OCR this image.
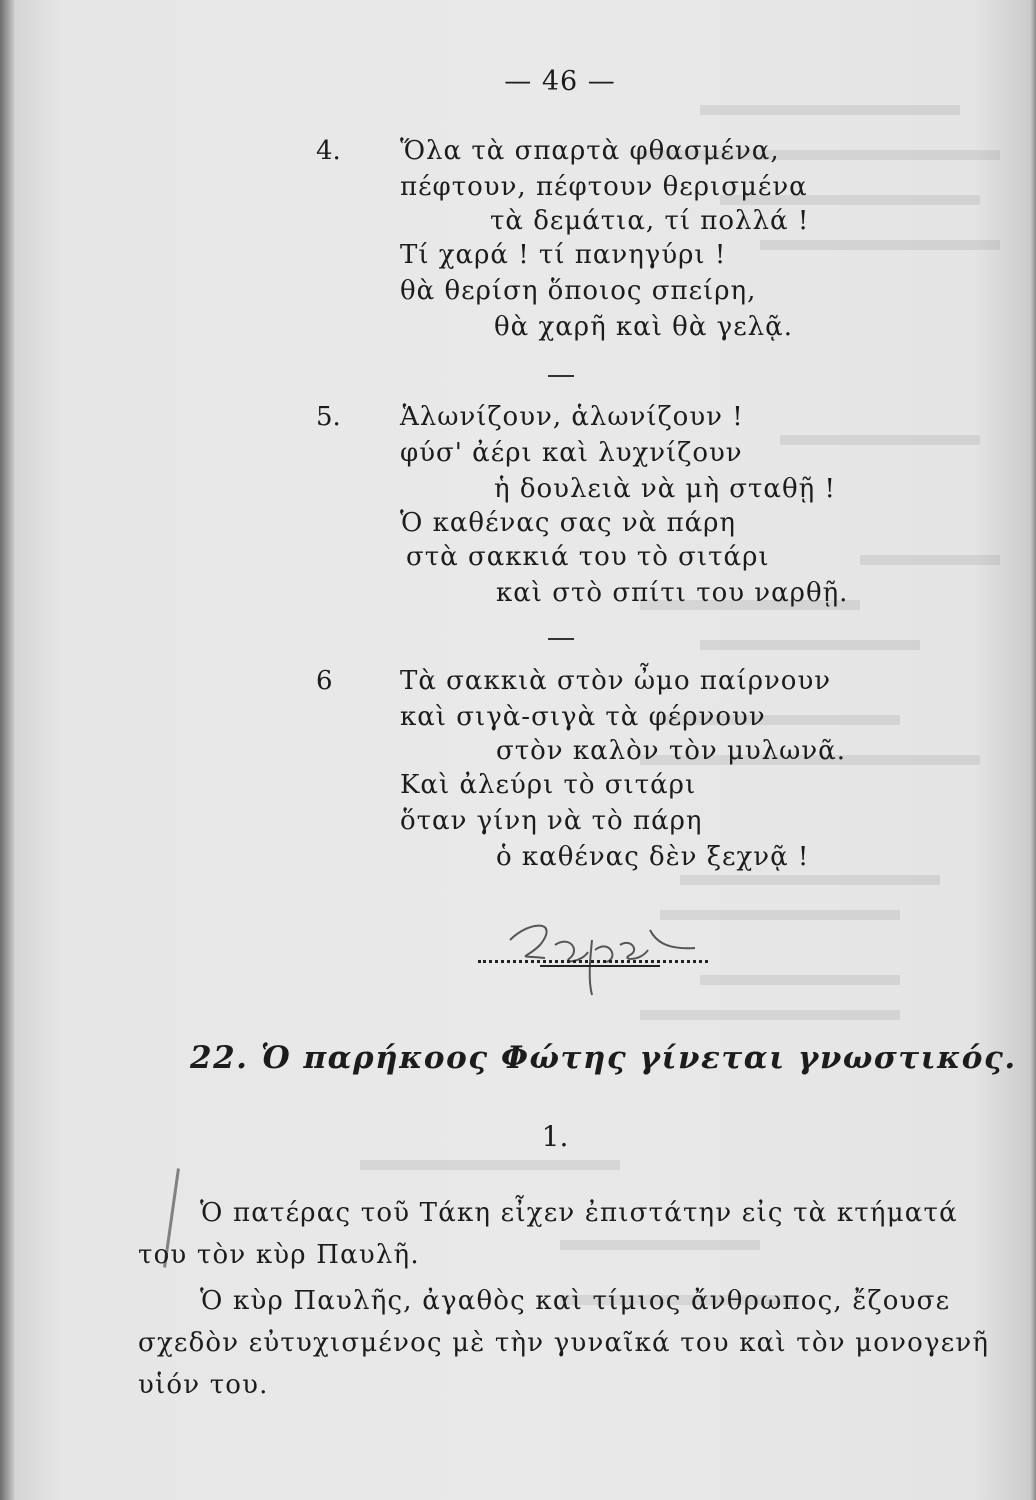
— 46 —
4. Ὅλα τὰ σπαρτὰ φθασμένα,
πέφτουν, πέφτουν θερισμένα
τὰ δεμάτια, τί πολλά !
Τί χαρά ! τί πανηγύρι !
θὰ θερίση ὅποιος σπείρη,
θὰ χαρῆ καὶ θὰ γελᾷ.
5. Ἁλωνίζουν, ἁλωνίζουν !
φύσ' ἀέρι καὶ λυχνίζουν
ἡ δουλειὰ νὰ μὴ σταθῇ !
Ὁ καθένας σας νὰ πάρη
στὰ σακκιά του τὸ σιτάρι
καὶ στὸ σπίτι του ναρθῇ.
6	Τὰ σακκιὰ στὸν ὦμο παίρνουν
καὶ σιγὰ-σιγὰ τὰ φέρνουν
στὸν καλὸν τὸν μυλωνᾶ.
Καὶ ἀλεύρι τὸ σιτάρι
ὅταν γίνη νὰ τὸ πάρη
ὁ καθένας δὲν ξεχνᾷ !
22. Ὁ παρήκοος Φώτης γίνεται γνωστικός.
1.
Ὁ πατέρας τοῦ Τάκη εἶχεν ἐπιστάτην εἰς τὰ κτήματά
του τὸν κὺρ Παυλῆ.
Ὁ κὺρ Παυλῆς, ἀγαθὸς καὶ τίμιος ἄνθρωπος, ἔζουσε
σχεδὸν εὐτυχισμένος μὲ τὴν γυναῖκά του καὶ τὸν μονογενῆ
υἱόν του.
